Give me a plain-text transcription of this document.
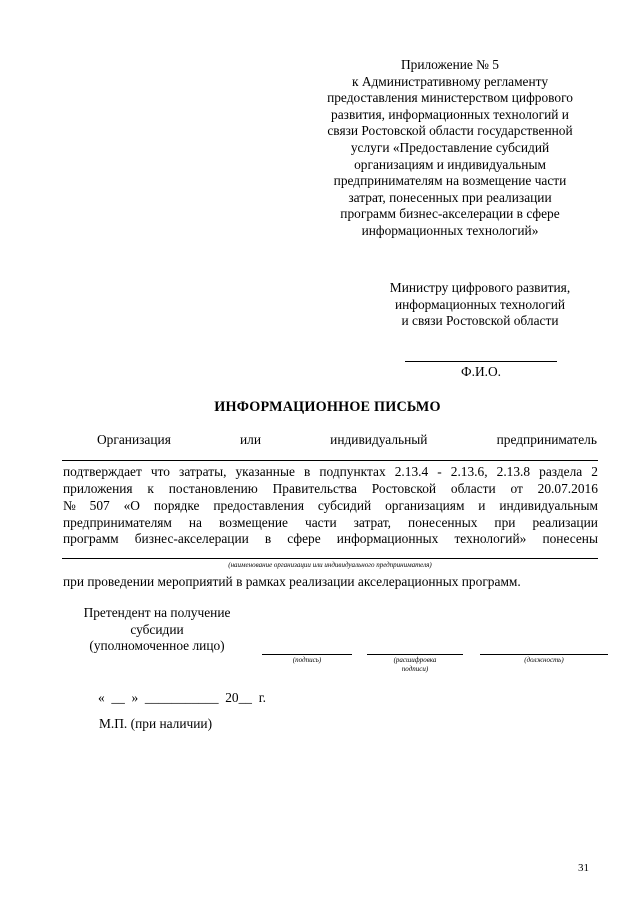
Приложение № 5
к Административному регламенту
предоставления министерством цифрового
развития, информационных технологий и
связи Ростовской области государственной
услуги «Предоставление субсидий
организациям и индивидуальным
предпринимателям на возмещение части
затрат, понесенных при реализации
программ бизнес-акселерации в сфере
информационных технологий»
Министру цифрового развития,
информационных технологий
и связи Ростовской области
Ф.И.О.
ИНФОРМАЦИОННОЕ ПИСЬМО
Организация	или	индивидуальный	предприниматель
подтверждает что затраты, указанные в подпунктах 2.13.4 - 2.13.6, 2.13.8 раздела 2
приложения к постановлению Правительства Ростовской области от 20.07.2016
№ 507 «О порядке предоставления субсидий организациям и индивидуальным
предпринимателям на возмещение части затрат, понесенных при реализации
программ бизнес-акселерации в сфере информационных технологий» понесены
(наименование организации или индивидуального предпринимателя)
при проведении мероприятий в рамках реализации акселерационных программ.
Претендент на получение
субсидии
(уполномоченное лицо)
(подпись)	(расшифровка
подписи)
(должность)
«  __  »  ___________  20__  г.
М.П. (при наличии)
31
